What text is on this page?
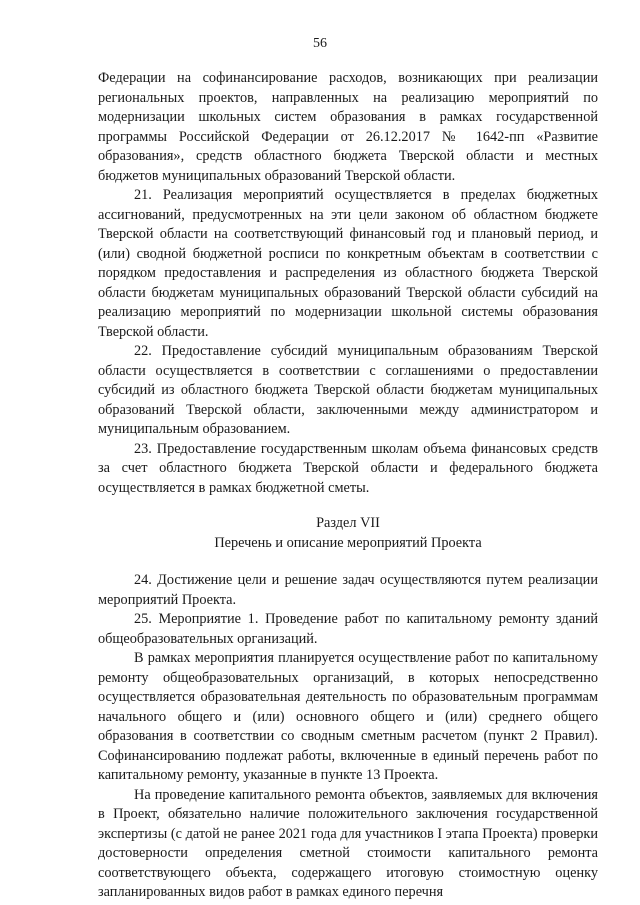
56

Федерации на софинансирование расходов, возникающих при реализации региональных проектов, направленных на реализацию мероприятий по модернизации школьных систем образования в рамках государственной программы Российской Федерации от 26.12.2017 № 1642-пп «Развитие образования», средств областного бюджета Тверской области и местных бюджетов муниципальных образований Тверской области.

21. Реализация мероприятий осуществляется в пределах бюджетных ассигнований, предусмотренных на эти цели законом об областном бюджете Тверской области на соответствующий финансовый год и плановый период, и (или) сводной бюджетной росписи по конкретным объектам в соответствии с порядком предоставления и распределения из областного бюджета Тверской области бюджетам муниципальных образований Тверской области субсидий на реализацию мероприятий по модернизации школьной системы образования Тверской области.

22. Предоставление субсидий муниципальным образованиям Тверской области осуществляется в соответствии с соглашениями о предоставлении субсидий из областного бюджета Тверской области бюджетам муниципальных образований Тверской области, заключенными между администратором и муниципальным образованием.

23. Предоставление государственным школам объема финансовых средств за счет областного бюджета Тверской области и федерального бюджета осуществляется в рамках бюджетной сметы.

Раздел VII
Перечень и описание мероприятий Проекта

24. Достижение цели и решение задач осуществляются путем реализации мероприятий Проекта.

25. Мероприятие 1. Проведение работ по капитальному ремонту зданий общеобразовательных организаций.

В рамках мероприятия планируется осуществление работ по капитальному ремонту общеобразовательных организаций, в которых непосредственно осуществляется образовательная деятельность по образовательным программам начального общего и (или) основного общего и (или) среднего общего образования в соответствии со сводным сметным расчетом (пункт 2 Правил). Софинансированию подлежат работы, включенные в единый перечень работ по капитальному ремонту, указанные в пункте 13 Проекта.

На проведение капитального ремонта объектов, заявляемых для включения в Проект, обязательно наличие положительного заключения государственной экспертизы (с датой не ранее 2021 года для участников I этапа Проекта) проверки достоверности определения сметной стоимости капитального ремонта соответствующего объекта, содержащего итоговую стоимостную оценку запланированных видов работ в рамках единого перечня
